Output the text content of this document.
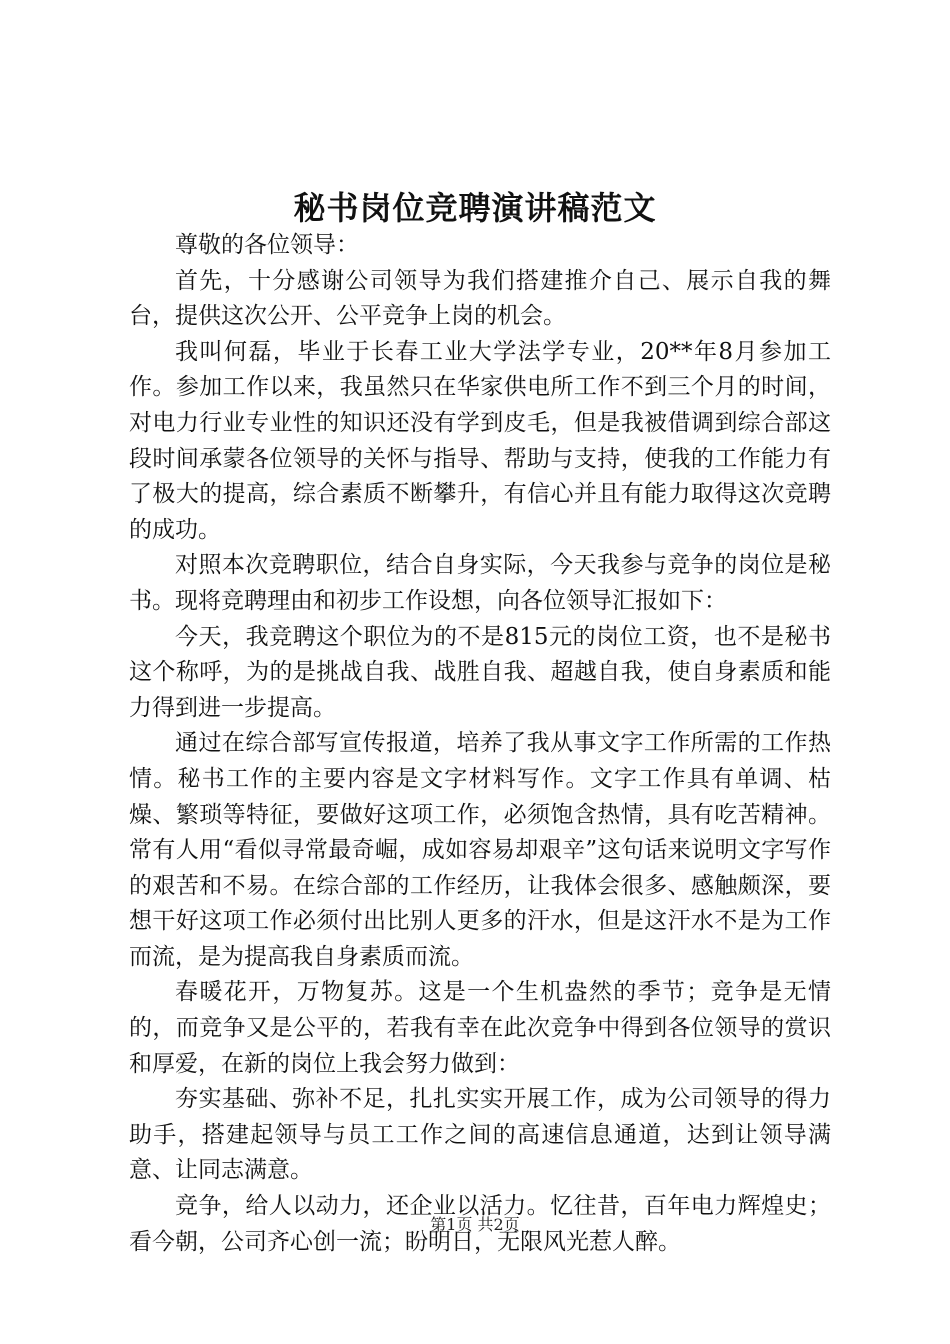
秘书岗位竞聘演讲稿范文

尊敬的各位领导：

首先，十分感谢公司领导为我们搭建推介自己、展示自我的舞台，提供这次公开、公平竞争上岗的机会。

我叫何磊，毕业于长春工业大学法学专业，20**年8月参加工作。参加工作以来，我虽然只在华家供电所工作不到三个月的时间，对电力行业专业性的知识还没有学到皮毛，但是我被借调到综合部这段时间承蒙各位领导的关怀与指导、帮助与支持，使我的工作能力有了极大的提高，综合素质不断攀升，有信心并且有能力取得这次竞聘的成功。

对照本次竞聘职位，结合自身实际，今天我参与竞争的岗位是秘书。现将竞聘理由和初步工作设想，向各位领导汇报如下：

今天，我竞聘这个职位为的不是815元的岗位工资，也不是秘书这个称呼，为的是挑战自我、战胜自我、超越自我，使自身素质和能力得到进一步提高。

通过在综合部写宣传报道，培养了我从事文字工作所需的工作热情。秘书工作的主要内容是文字材料写作。文字工作具有单调、枯燥、繁琐等特征，要做好这项工作，必须饱含热情，具有吃苦精神。常有人用“看似寻常最奇崛，成如容易却艰辛”这句话来说明文字写作的艰苦和不易。在综合部的工作经历，让我体会很多、感触颇深，要想干好这项工作必须付出比别人更多的汗水，但是这汗水不是为工作而流，是为提高我自身素质而流。

春暖花开，万物复苏。这是一个生机盎然的季节；竞争是无情的，而竞争又是公平的，若我有幸在此次竞争中得到各位领导的赏识和厚爱，在新的岗位上我会努力做到：

夯实基础、弥补不足，扎扎实实开展工作，成为公司领导的得力助手，搭建起领导与员工工作之间的高速信息通道，达到让领导满意、让同志满意。

竞争，给人以动力，还企业以活力。忆往昔，百年电力辉煌史；看今朝，公司齐心创一流；盼明日，无限风光惹人醉。

第1页 共2页
